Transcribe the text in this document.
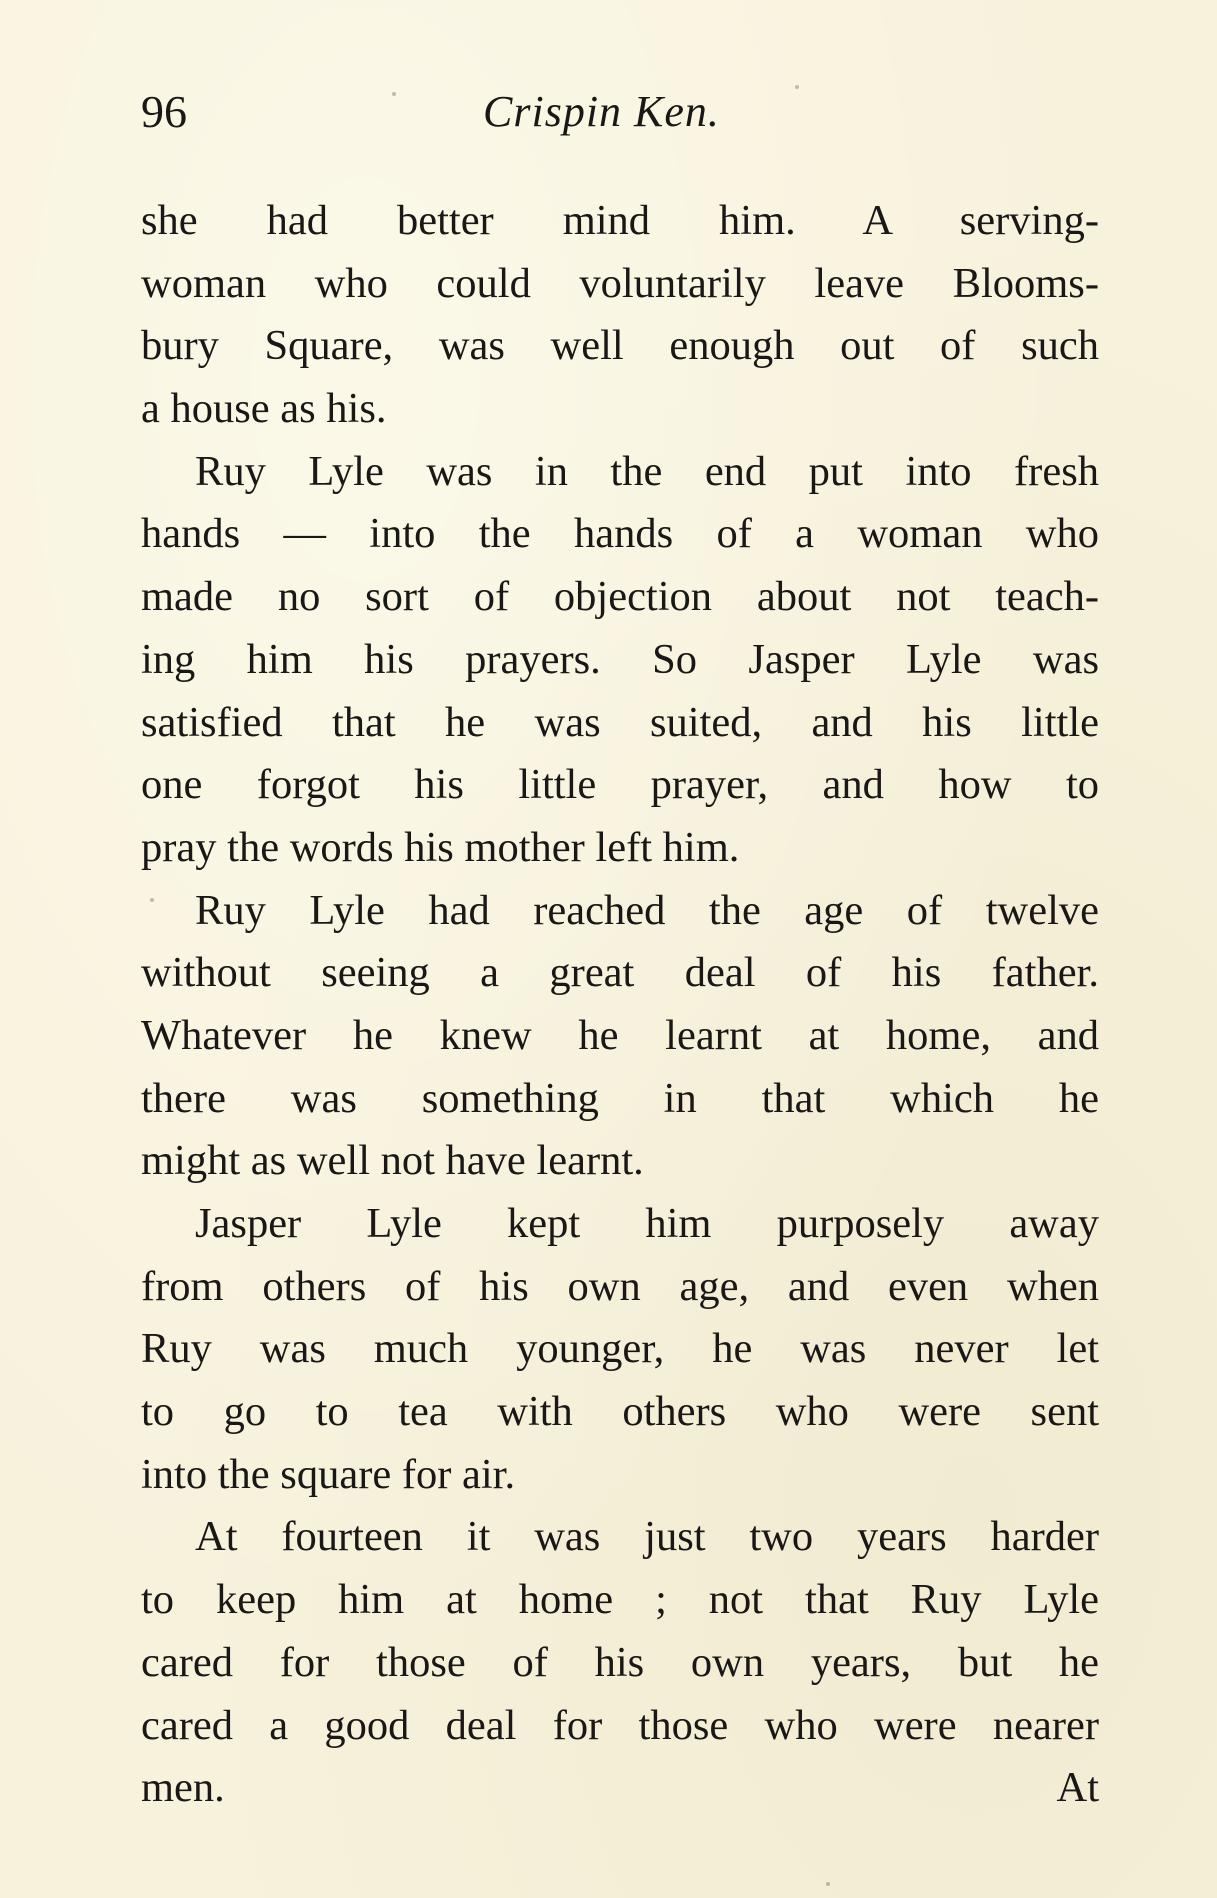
96	Crispin Ken.
she had better mind him. A serving-
woman who could voluntarily leave Blooms-
bury Square, was well enough out of such
a house as his.
Ruy Lyle was in the end put into fresh
hands — into the hands of a woman who
made no sort of objection about not teach-
ing him his prayers. So Jasper Lyle was
satisfied that he was suited, and his little
one forgot his little prayer, and how to
pray the words his mother left him.
Ruy Lyle had reached the age of twelve
without seeing a great deal of his father.
Whatever he knew he learnt at home, and
there was something in that which he
might as well not have learnt.
Jasper Lyle kept him purposely away
from others of his own age, and even when
Ruy was much younger, he was never let
to go to tea with others who were sent
into the square for air.
At fourteen it was just two years harder
to keep him at home ; not that Ruy Lyle
cared for those of his own years, but he
cared a good deal for those who were nearer
men.	At
